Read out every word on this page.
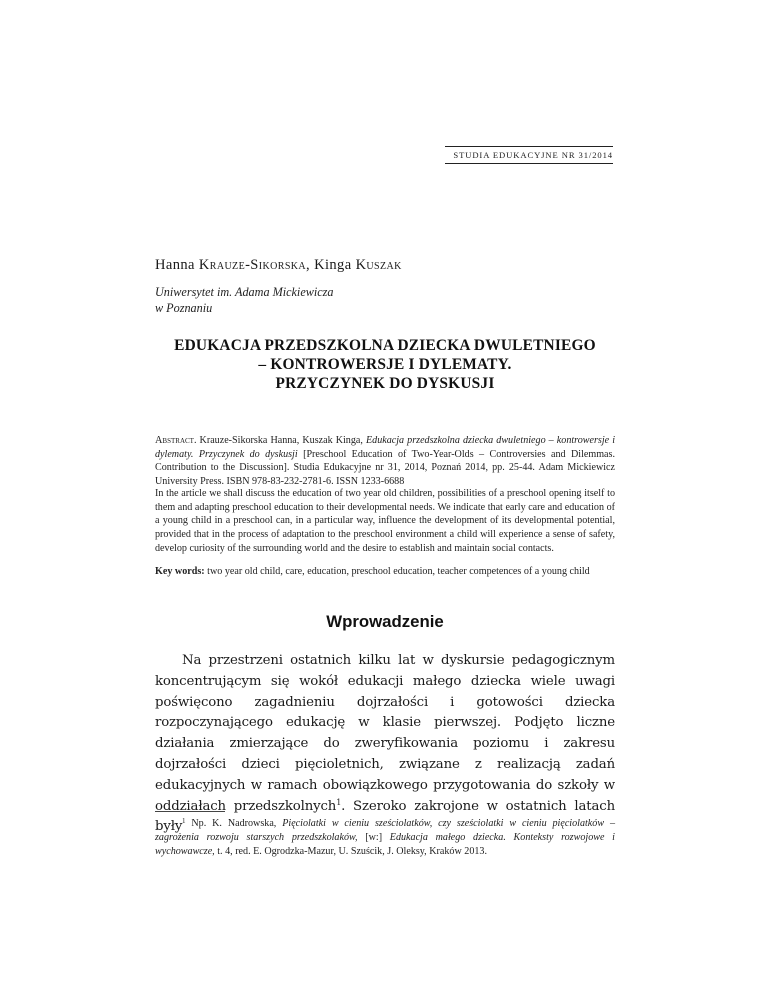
STUDIA EDUKACYJNE NR 31/2014
Hanna Krauze-Sikorska, Kinga Kuszak
Uniwersytet im. Adama Mickiewicza
w Poznaniu
EDUKACJA PRZEDSZKOLNA DZIECKA DWULETNIEGO
– KONTROWERSJE I DYLEMATY.
PRZYCZYNEK DO DYSKUSJI
Abstract. Krauze-Sikorska Hanna, Kuszak Kinga, Edukacja przedszkolna dziecka dwuletniego – kontrowersje i dylematy. Przyczynek do dyskusji [Preschool Education of Two-Year-Olds – Controversies and Dilemmas. Contribution to the Discussion]. Studia Edukacyjne nr 31, 2014, Poznań 2014, pp. 25-44. Adam Mickiewicz University Press. ISBN 978-83-232-2781-6. ISSN 1233-6688
In the article we shall discuss the education of two year old children, possibilities of a preschool opening itself to them and adapting preschool education to their developmental needs. We indicate that early care and education of a young child in a preschool can, in a particular way, influence the development of its developmental potential, provided that in the process of adaptation to the preschool environment a child will experience a sense of safety, develop curiosity of the surrounding world and the desire to establish and maintain social contacts.
Key words: two year old child, care, education, preschool education, teacher competences of a young child
Wprowadzenie
Na przestrzeni ostatnich kilku lat w dyskursie pedagogicznym koncentrującym się wokół edukacji małego dziecka wiele uwagi poświęcono zagadnieniu dojrzałości i gotowości dziecka rozpoczynającego edukację w klasie pierwszej. Podjęto liczne działania zmierzające do zweryfikowania poziomu i zakresu dojrzałości dzieci pięcioletnich, związane z realizacją zadań edukacyjnych w ramach obowiązkowego przygotowania do szkoły w oddziałach przedszkolnych$^1$. Szeroko zakrojone w ostatnich latach były $^1$ Np. K. Nadrowska, Pięciolatki w cieniu sześciolatków, czy sześciolatki w cieniu pięciolatków – zagrożenia rozwoju starszych przedszkolaków, [w:] Edukacja małego dziecka. Konteksty rozwojowe i wychowawcze, t. 4, red. E. Ogrodzka-Mazur, U. Szuścik, J. Oleksy, Kraków 2013.
